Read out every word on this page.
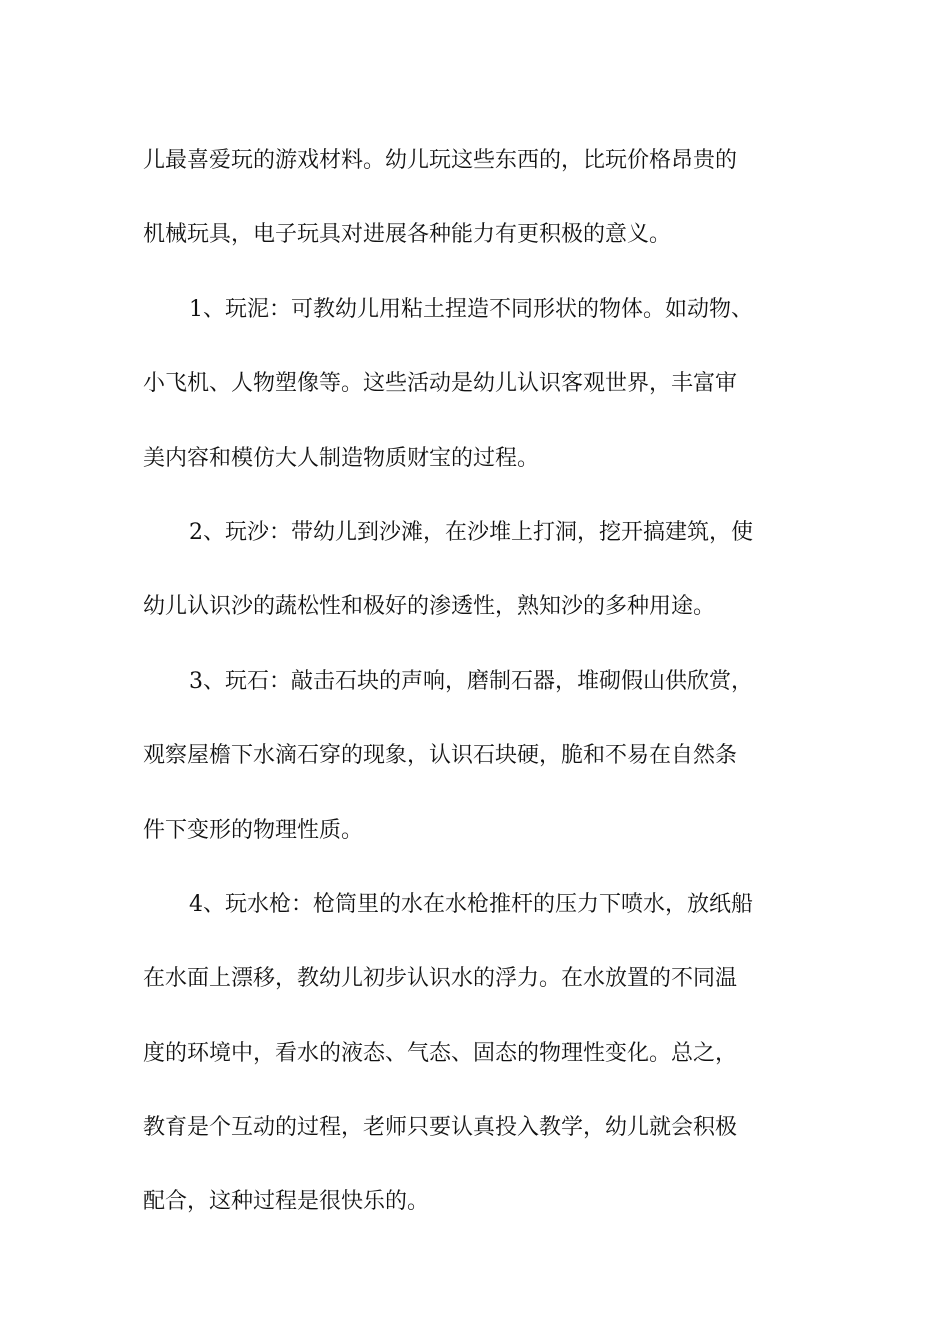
儿最喜爱玩的游戏材料。幼儿玩这些东西的，比玩价格昂贵的
机械玩具，电子玩具对进展各种能力有更积极的意义。
1、玩泥：可教幼儿用粘土捏造不同形状的物体。如动物、
小飞机、人物塑像等。这些活动是幼儿认识客观世界，丰富审
美内容和模仿大人制造物质财宝的过程。
2、玩沙：带幼儿到沙滩，在沙堆上打洞，挖开搞建筑，使
幼儿认识沙的蔬松性和极好的渗透性，熟知沙的多种用途。
3、玩石：敲击石块的声响，磨制石器，堆砌假山供欣赏，
观察屋檐下水滴石穿的现象，认识石块硬，脆和不易在自然条
件下变形的物理性质。
4、玩水枪：枪筒里的水在水枪推杆的压力下喷水，放纸船
在水面上漂移，教幼儿初步认识水的浮力。在水放置的不同温
度的环境中，看水的液态、气态、固态的物理性变化。总之，
教育是个互动的过程，老师只要认真投入教学，幼儿就会积极
配合，这种过程是很快乐的。
